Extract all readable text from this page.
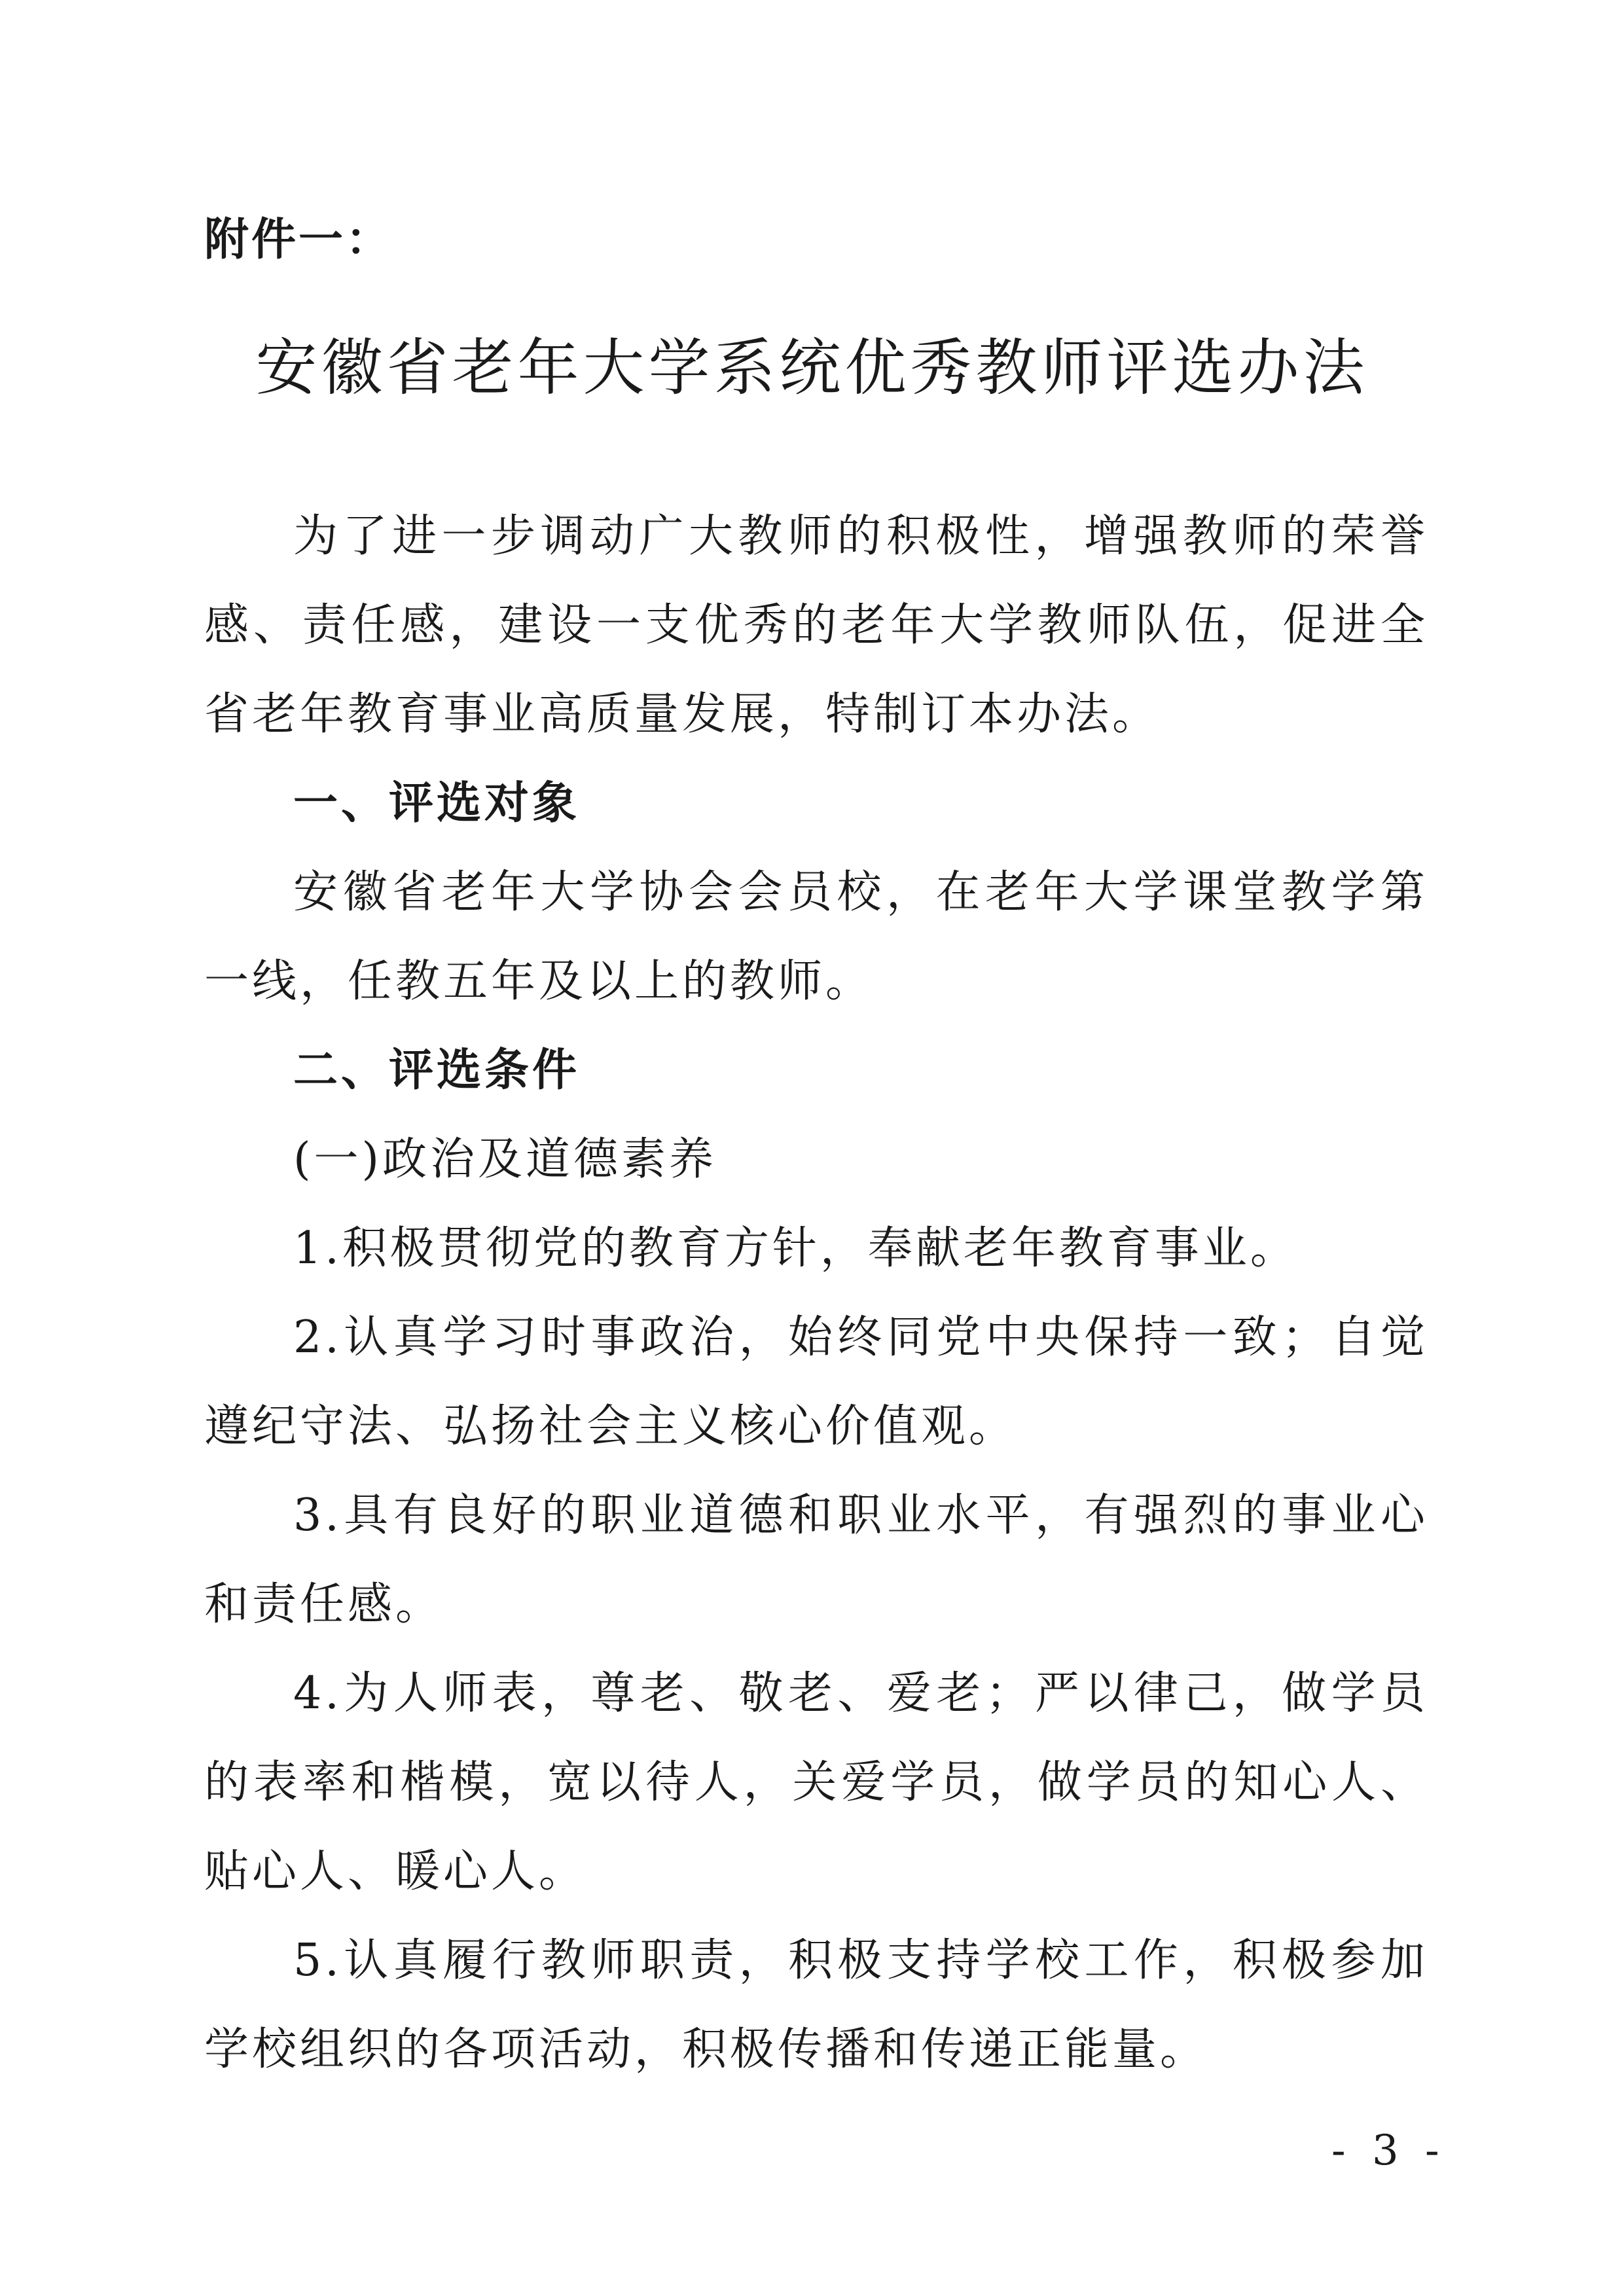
附件一：

安徽省老年大学系统优秀教师评选办法

为了进一步调动广大教师的积极性，增强教师的荣誉感、责任感，建设一支优秀的老年大学教师队伍，促进全省老年教育事业高质量发展，特制订本办法。

一、评选对象

安徽省老年大学协会会员校，在老年大学课堂教学第一线，任教五年及以上的教师。

二、评选条件

(一)政治及道德素养

1.积极贯彻党的教育方针，奉献老年教育事业。

2.认真学习时事政治，始终同党中央保持一致；自觉遵纪守法、弘扬社会主义核心价值观。

3.具有良好的职业道德和职业水平，有强烈的事业心和责任感。

4.为人师表，尊老、敬老、爱老；严以律己，做学员的表率和楷模，宽以待人，关爱学员，做学员的知心人、贴心人、暖心人。

5.认真履行教师职责，积极支持学校工作，积极参加学校组织的各项活动，积极传播和传递正能量。

- 3 -
